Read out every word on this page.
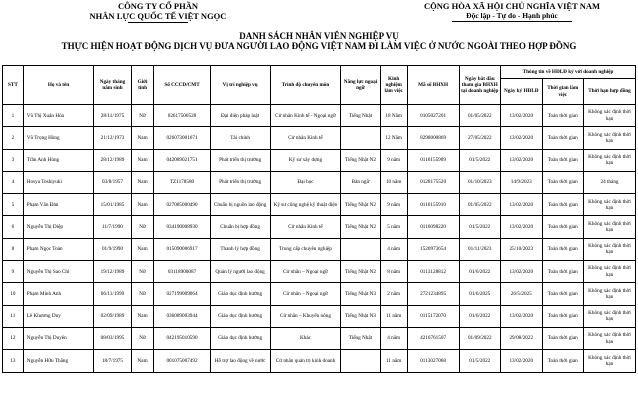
CÔNG TY CỔ PHẦN
NHÂN LỰC QUỐC TẾ VIỆT NGỌC
CỘNG HÒA XÃ HỘI CHỦ NGHĨA VIỆT NAM
Độc lập - Tự do - Hạnh phúc
DANH SÁCH NHÂN VIÊN NGHIỆP VỤ
THỰC HIỆN HOẠT ĐỘNG DỊCH VỤ ĐƯA NGƯỜI LAO ĐỘNG VIỆT NAM ĐI LÀM VIỆC Ở NƯỚC NGOÀI THEO HỢP ĐỒNG
STT	Họ và tên	Ngày tháng năm sinh	Giới tính	Số CCCD/CMT	Vị trí nghiệp vụ	Trình độ chuyên môn	Năng lực ngoại ngữ	Kinh nghiệm làm việc	Mã số BHXH	Ngày bắt đầu tham gia BHXH tại doanh nghiệp	Thông tin về HĐLĐ ký với doanh nghiệp		
											Ngày ký HĐLĐ	Thời gian làm việc	Thời hạn hợp đồng
1	Vũ Thị Xuân Hòa	28/11/1975	Nữ	02617500528	Đại diện pháp luật	Cử nhân Kinh tế - Ngoại ngữ	Tiếng Nhật	18 Năm	0105027201	01/05/2022	13/02/2020	Toàn thời gian	Không xác định thời hạn
2	Vũ Trọng Hùng	21/12/1973	Nam	026073001671	Tài chính	Cử nhân Kinh tế		12 Năm	8298000869	27/05/2022	13/02/2020	Toàn thời gian	Không xác định thời hạn
3	Trần Anh Hùng	28/12/1989	Nam	042089021751	Phát triển thị trường	Kỹ sư xây dựng	Tiếng Nhật N2	9 năm	0116155909	01/5/2022	13/02/2020	Toàn thời gian	Không xác định thời hạn
4	Hosya Toshiyuki	03/8/1957	Nam	TZ1178580	Phát triển thị trường	Đại học	Bản ngữ	10 năm	0128175520	01/10/2023	14/9/2023	Toàn thời gian	24 tháng
5	Phạm Văn Đản	15/01/1985	Nam	027085000490	Chuẩn bị nguồn lao động	Kỹ sư công nghệ kỹ thuật điện	Tiếng Nhật N2	9 năm	0116155910	01/05/2022	13/02/2020	Toàn thời gian	Không xác định thời hạn
6	Nguyễn Thị Diệp	11/7/1990	Nữ	034190008930	Chuẩn bị hợp đồng	Cử nhân Kinh tế	Tiếng Nhật N2	5 năm	0116098220	01/5/2022	13/02/2020	Toàn thời gian	Không xác định thời hạn
8	Phạm Ngọc Toàn	01/9/1990	Nam	015090006917	Thanh lý hợp đồng	Trung cấp chuyên nghiệp		4 năm	1520973654	01/11/2023	25/10/2023	Toàn thời gian	Không xác định thời hạn
9	Nguyễn Thị Sao Chi	19/12/1989	Nữ	03118900087	Quản lý người lao động	Cử nhân – Ngoại ngữ	Tiếng Nhật N2	8 năm	0113128812	01/6/2022	13/02/2020	Toàn thời gian	Không xác định thời hạn
10	Phạm Minh Anh	06/11/1999	Nữ	027199009064	Giáo dục định hướng	Cử nhân – Ngoại ngữ	Tiếng Nhật N3	2 năm	2721234895	01/6/2025	26/5/2025	Toàn thời gian	Không xác định thời hạn
11	Lê Khương Duy	02/09/1989	Nam	036089003944	Giáo dục định hướng	Cử nhân – Khuyến nông	Tiếng Nhật N3	11 năm	0115172070	01/6/2022	13/02/2020	Toàn thời gian	Không xác định thời hạn
12	Nguyễn Thị Duyên	08/03/1995	Nữ	042195010590	Giáo dục định hướng	Khác	Tiếng Nhật	4 năm	4216761507	01/09/2022	29/08/2022	Toàn thời gian	Không xác định thời hạn
13	Nguyễn Hữu Thắng	18/7/1975	Nam	001075007492	Hỗ trợ lao động về nước	Cử nhân quản trị kinh doanh		11 năm	0113027068	01/5/2022	13/02/2020	Toàn thời gian	Không xác định thời hạn
